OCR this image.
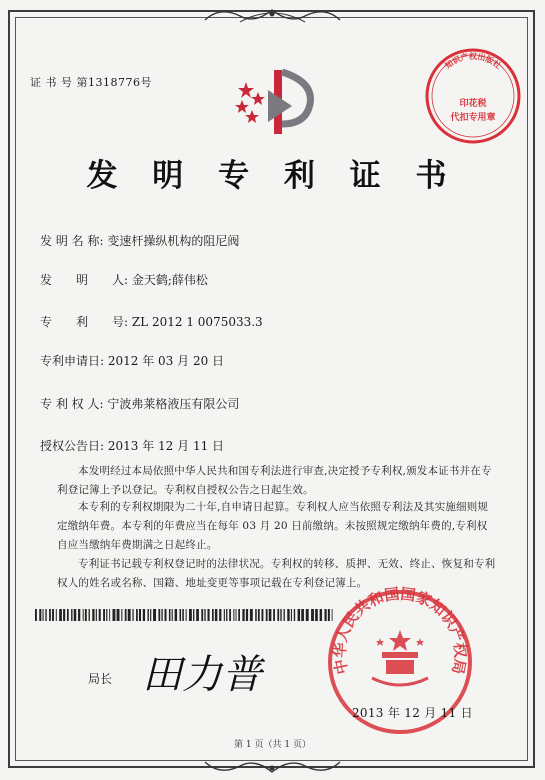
证 书 号 第1318776号
知识产权出版社
印花税
代扣专用章
发 明 专 利 证 书
发 明 名 称: 变速杆操纵机构的阻尼阀
发　　明　　人: 金天鹤;薛伟松
专　　利　　号: ZL 2012 1 0075033.3
专利申请日: 2012 年 03 月 20 日
专 利 权 人: 宁波弗莱格液压有限公司
授权公告日: 2013 年 12 月 11 日
本发明经过本局依照中华人民共和国专利法进行审查,决定授予专利权,颁发本证书并在专利登记簿上予以登记。专利权自授权公告之日起生效。
本专利的专利权期限为二十年,自申请日起算。专利权人应当依照专利法及其实施细则规定缴纳年费。本专利的年费应当在每年 03 月 20 日前缴纳。未按照规定缴纳年费的,专利权自应当缴纳年费期满之日起终止。
专利证书记载专利权登记时的法律状况。专利权的转移、质押、无效、终止、恢复和专利权人的姓名或名称、国籍、地址变更等事项记载在专利登记簿上。
局长 田力普	中华人民共和国国家知识产权局
2013 年 12 月 11 日
第 1 页（共 1 页）
